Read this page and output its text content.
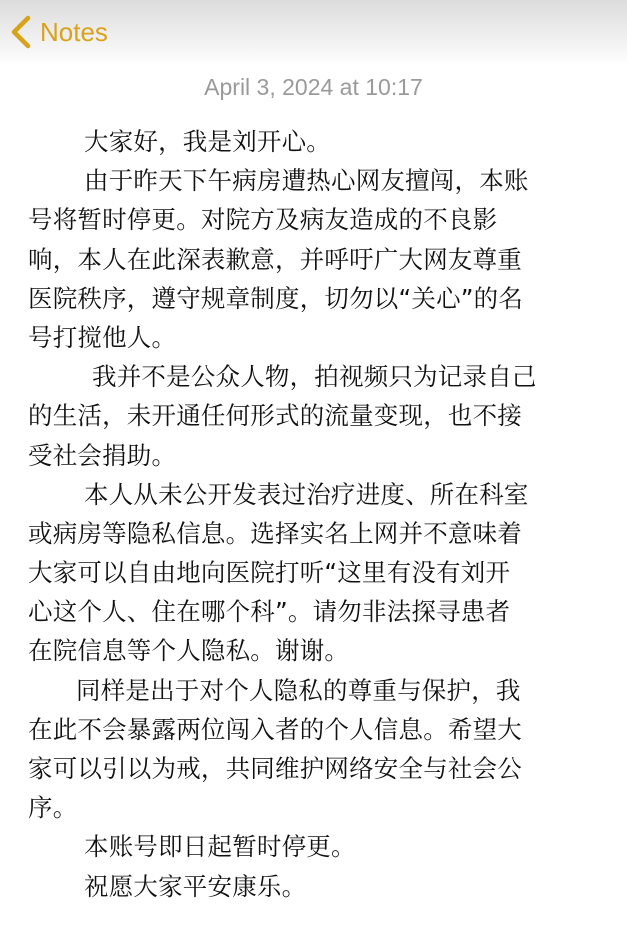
Notes
April 3, 2024 at 10:17
大家好，我是刘开心。
由于昨天下午病房遭热心网友擅闯，本账
号将暂时停更。对院方及病友造成的不良影
响，本人在此深表歉意，并呼吁广大网友尊重
医院秩序，遵守规章制度，切勿以“关心”的名
号打搅他人。
我并不是公众人物，拍视频只为记录自己
的生活，未开通任何形式的流量变现，也不接
受社会捐助。
本人从未公开发表过治疗进度、所在科室
或病房等隐私信息。选择实名上网并不意味着
大家可以自由地向医院打听“这里有没有刘开
心这个人、住在哪个科”。请勿非法探寻患者
在院信息等个人隐私。谢谢。
同样是出于对个人隐私的尊重与保护，我
在此不会暴露两位闯入者的个人信息。希望大
家可以引以为戒，共同维护网络安全与社会公
序。
本账号即日起暂时停更。
祝愿大家平安康乐。
